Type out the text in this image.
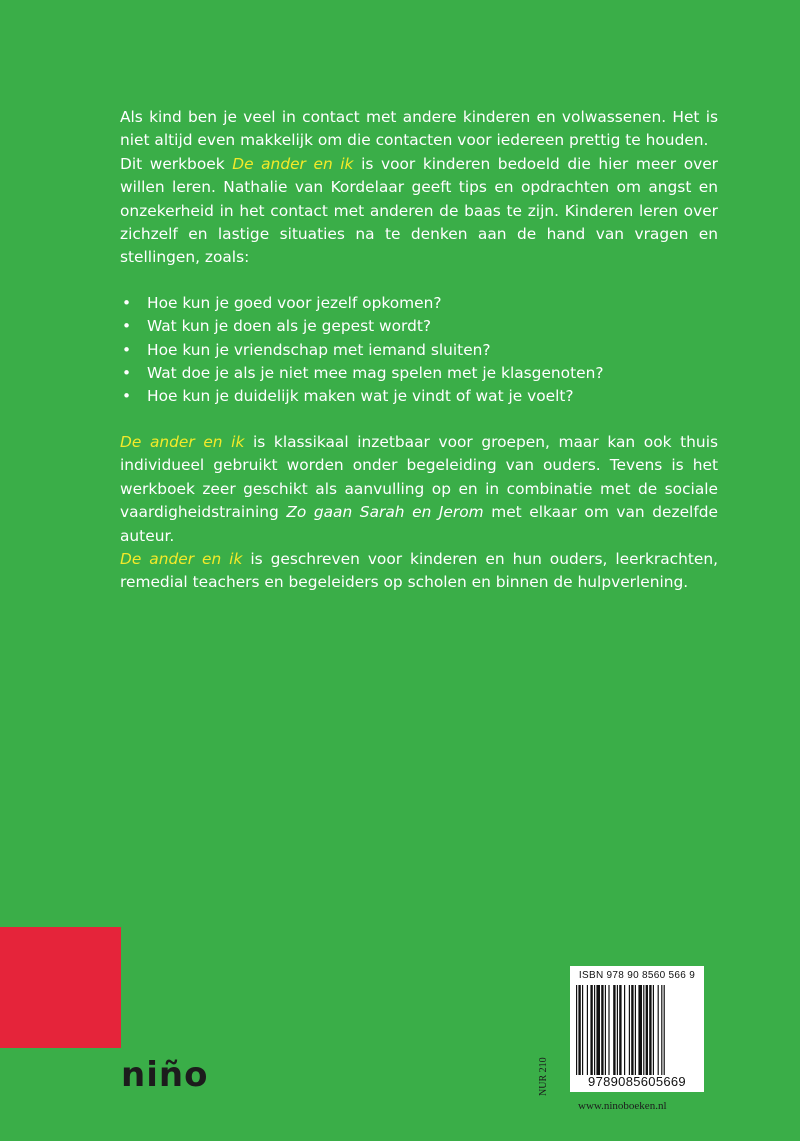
Als kind ben je veel in contact met andere kinderen en volwassenen. Het is niet altijd even makkelijk om die contacten voor iedereen prettig te houden.
Dit werkboek De ander en ik is voor kinderen bedoeld die hier meer over willen leren. Nathalie van Kordelaar geeft tips en opdrachten om angst en onzekerheid in het contact met anderen de baas te zijn. Kinderen leren over zichzelf en lastige situaties na te denken aan de hand van vragen en stellingen, zoals:

• Hoe kun je goed voor jezelf opkomen?
• Wat kun je doen als je gepest wordt?
• Hoe kun je vriendschap met iemand sluiten?
• Wat doe je als je niet mee mag spelen met je klasgenoten?
• Hoe kun je duidelijk maken wat je vindt of wat je voelt?

De ander en ik is klassikaal inzetbaar voor groepen, maar kan ook thuis individueel gebruikt worden onder begeleiding van ouders. Tevens is het werkboek zeer geschikt als aanvulling op en in combinatie met de sociale vaardigheidstraining Zo gaan Sarah en Jerom met elkaar om van dezelfde auteur.
De ander en ik is geschreven voor kinderen en hun ouders, leerkrachten, remedial teachers en begeleiders op scholen en binnen de hulpverlening.

niño	NUR 210
ISBN 978 90 8560 566 9
9789085605669
www.ninoboeken.nl
